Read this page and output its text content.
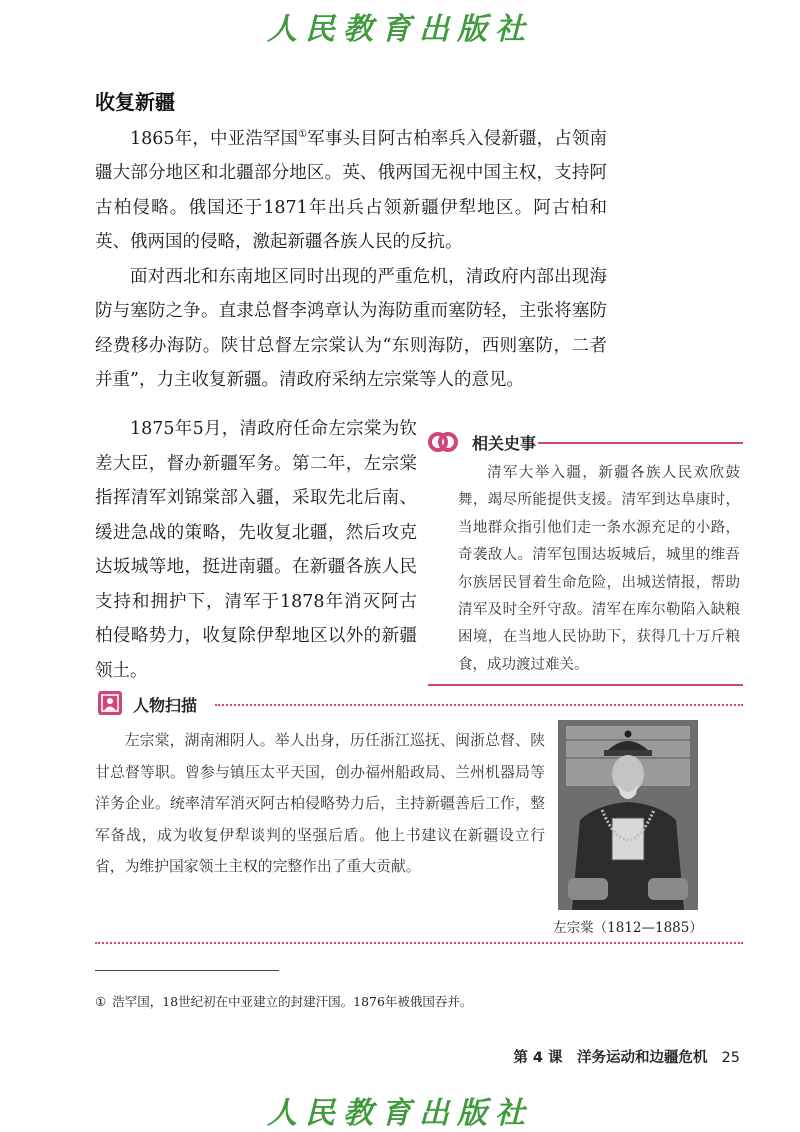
人民教育出版社
收复新疆

1865年，中亚浩罕国①军事头目阿古柏率兵入侵新疆，占领南疆大部分地区和北疆部分地区。英、俄两国无视中国主权，支持阿古柏侵略。俄国还于1871年出兵占领新疆伊犁地区。阿古柏和英、俄两国的侵略，激起新疆各族人民的反抗。

面对西北和东南地区同时出现的严重危机，清政府内部出现海防与塞防之争。直隶总督李鸿章认为海防重而塞防轻，主张将塞防经费移办海防。陕甘总督左宗棠认为“东则海防，西则塞防，二者并重”，力主收复新疆。清政府采纳左宗棠等人的意见。

1875年5月，清政府任命左宗棠为钦差大臣，督办新疆军务。第二年，左宗棠指挥清军刘锦棠部入疆，采取先北后南、缓进急战的策略，先收复北疆，然后攻克达坂城等地，挺进南疆。在新疆各族人民支持和拥护下，清军于1878年消灭阿古柏侵略势力，收复除伊犁地区以外的新疆领土。

相关史事
清军大举入疆，新疆各族人民欢欣鼓舞，竭尽所能提供支援。清军到达阜康时，当地群众指引他们走一条水源充足的小路，奇袭敌人。清军包围达坂城后，城里的维吾尔族居民冒着生命危险，出城送情报，帮助清军及时全歼守敌。清军在库尔勒陷入缺粮困境，在当地人民协助下，获得几十万斤粮食，成功渡过难关。
人物扫描
左宗棠，湖南湘阴人。举人出身，历任浙江巡抚、闽浙总督、陕甘总督等职。曾参与镇压太平天国，创办福州船政局、兰州机器局等洋务企业。统率清军消灭阿古柏侵略势力后，主持新疆善后工作，整军备战，成为收复伊犁谈判的坚强后盾。他上书建议在新疆设立行省，为维护国家领土主权的完整作出了重大贡献。
左宗棠（1812—1885）
① 浩罕国，18世纪初在中亚建立的封建汗国。1876年被俄国吞并。
第 4 课　洋务运动和边疆危机 25
人民教育出版社
